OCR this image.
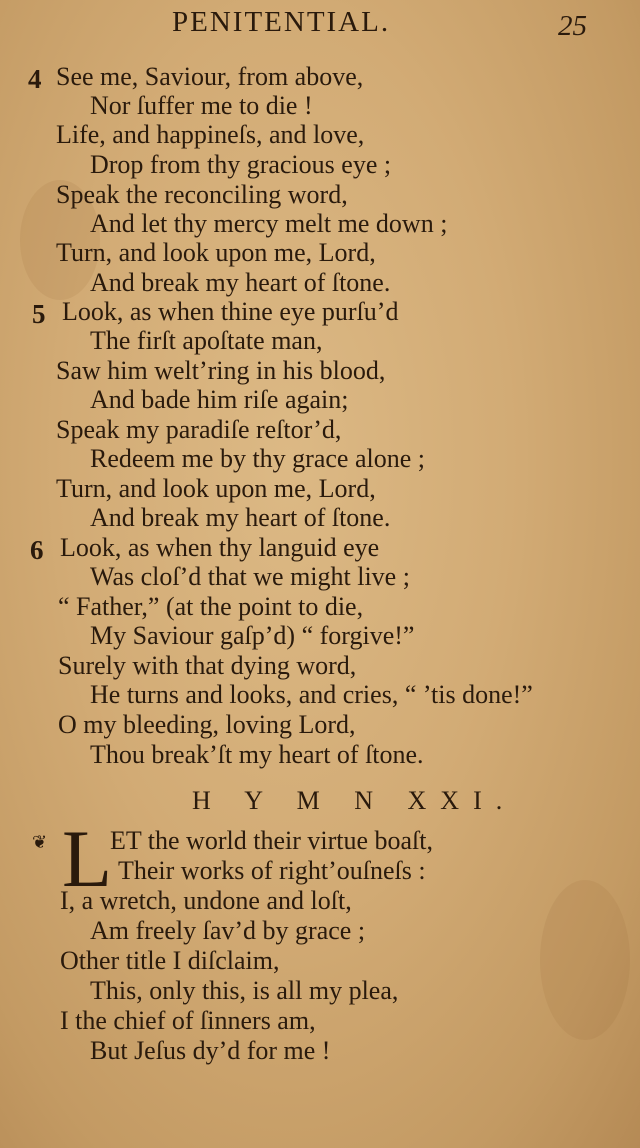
PENITENTIAL.	25
4 See me, Saviour, from above,
Nor ſuffer me to die !
Life, and happineſs, and love,
Drop from thy gracious eye ;
Speak the reconciling word,
And let thy mercy melt me down ;
Turn, and look upon me, Lord,
And break my heart of ſtone.
5 Look, as when thine eye purſu’d
The firſt apoſtate man,
Saw him welt’ring in his blood,
And bade him riſe again;
Speak my paradiſe reſtor’d,
Redeem me by thy grace alone ;
Turn, and look upon me, Lord,
And break my heart of ſtone.
6 Look, as when thy languid eye
Was cloſ’d that we might live ;
“ Father,” (at the point to die,
My Saviour gaſp’d) “ forgive!”
Surely with that dying word,
He turns and looks, and cries, “ ’tis done!”
O my bleeding, loving Lord,
Thou break’ſt my heart of ſtone.
H Y M N XXI.
❦ L
ET the world their virtue boaſt,
Their works of right’ouſneſs :
I, a wretch, undone and loſt,
Am freely ſav’d by grace ;
Other title I diſclaim,
This, only this, is all my plea,
I the chief of ſinners am,
But Jeſus dy’d for me !
